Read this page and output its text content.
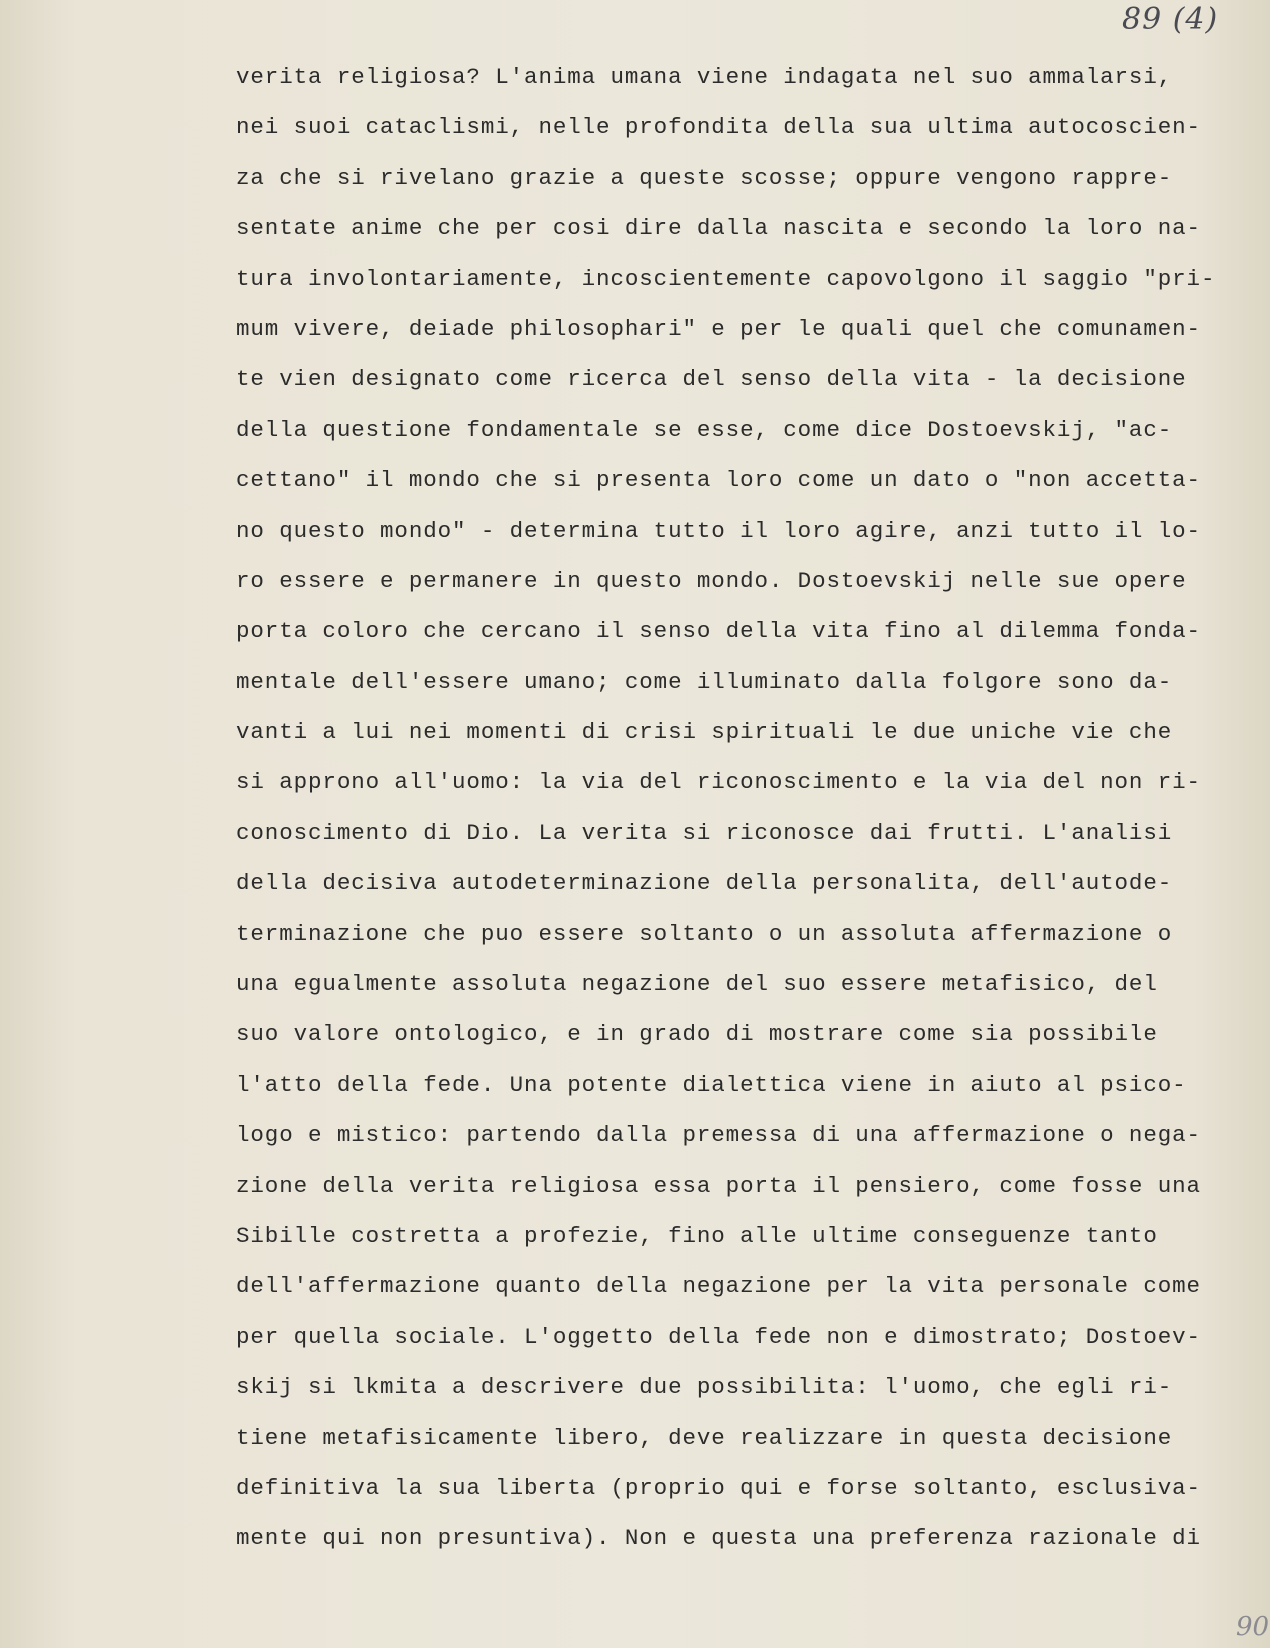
89 (4)
verita religiosa? L'anima umana viene indagata nel suo ammalarsi,
nei suoi cataclismi, nelle profondita della sua ultima autocoscien-
za che si rivelano grazie a queste scosse; oppure vengono rappre-
sentate anime che per cosi dire dalla nascita e secondo la loro na-
tura involontariamente, incoscientemente capovolgono il saggio "pri-
mum vivere, deiade philosophari" e per le quali quel che comunamen-
te vien designato come ricerca del senso della vita - la decisione
della questione fondamentale se esse, come dice Dostoevskij, "ac-
cettano" il mondo che si presenta loro come un dato o "non accetta-
no questo mondo" - determina tutto il loro agire, anzi tutto il lo-
ro essere e permanere in questo mondo. Dostoevskij nelle sue opere
porta coloro che cercano il senso della vita fino al dilemma fonda-
mentale dell'essere umano; come illuminato dalla folgore sono da-
vanti a lui nei momenti di crisi spirituali le due uniche vie che
si approno all'uomo: la via del riconoscimento e la via del non ri-
conoscimento di Dio. La verita si riconosce dai frutti. L'analisi
della decisiva autodeterminazione della personalita, dell'autode-
terminazione che puo essere soltanto o un assoluta affermazione o
una egualmente assoluta negazione del suo essere metafisico, del
suo valore ontologico, e in grado di mostrare come sia possibile
l'atto della fede. Una potente dialettica viene in aiuto al psico-
logo e mistico: partendo dalla premessa di una affermazione o nega-
zione della verita religiosa essa porta il pensiero, come fosse una
Sibille costretta a profezie, fino alle ultime conseguenze tanto
dell'affermazione quanto della negazione per la vita personale come
per quella sociale. L'oggetto della fede non e dimostrato; Dostoev-
skij si lkmita a descrivere due possibilita: l'uomo, che egli ri-
tiene metafisicamente libero, deve realizzare in questa decisione
definitiva la sua liberta (proprio qui e forse soltanto, esclusiva-
mente qui non presuntiva). Non e questa una preferenza razionale di
90
